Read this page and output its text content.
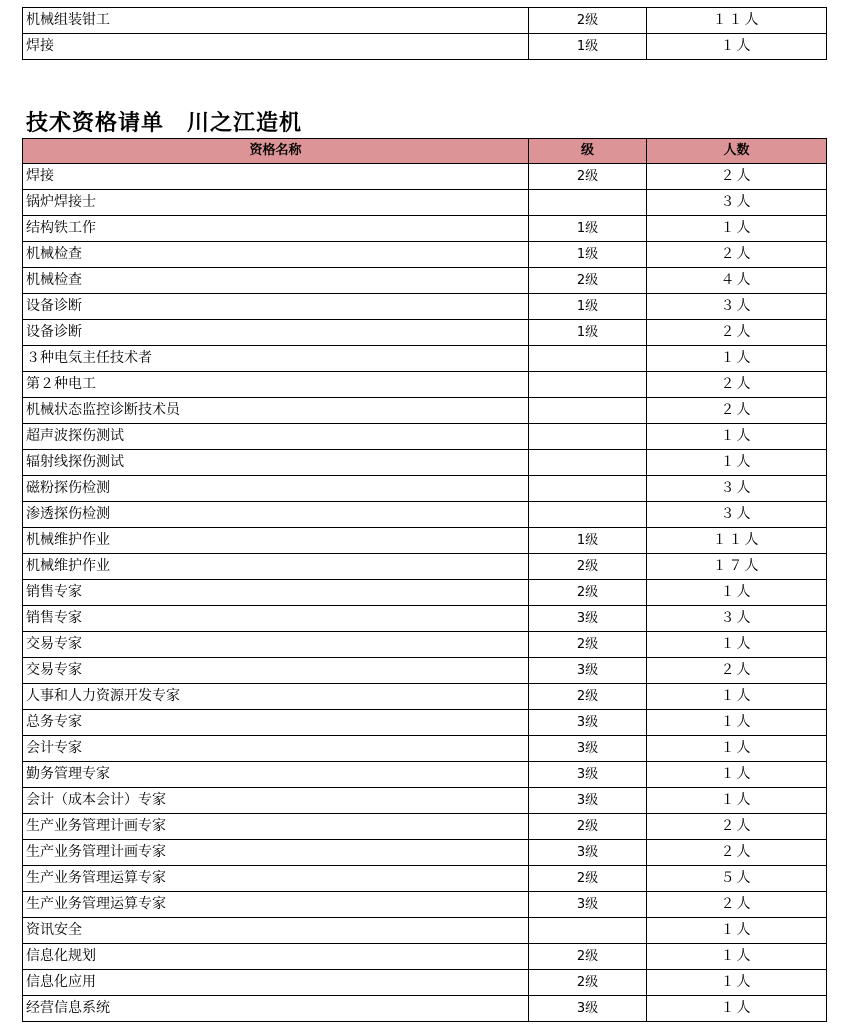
机械组装钳工	2级	１１人
焊接	1级	１人
技术资格请单　川之江造机
资格名称	级	人数
焊接	2级	２人
锅炉焊接士		３人
结构铁工作	1级	１人
机械检查	1级	２人
机械检查	2级	４人
设备诊断	1级	３人
设备诊断	1级	２人
３种电気主任技术者		１人
第２种电工		２人
机械状态监控诊断技术员		２人
超声波探伤测试		１人
辐射线探伤测试		１人
磁粉探伤检测		３人
渗透探伤检测		３人
机械维护作业	1级	１１人
机械维护作业	2级	１７人
销售专家	2级	１人
销售专家	3级	３人
交易专家	2级	１人
交易专家	3级	２人
人事和人力资源开发专家	2级	１人
总务专家	3级	１人
会计专家	3级	１人
勤务管理专家	3级	１人
会计（成本会计）专家	3级	１人
生产业务管理计画专家	2级	２人
生产业务管理计画专家	3级	２人
生产业务管理运算专家	2级	５人
生产业务管理运算专家	3级	２人
资讯安全		１人
信息化规划	2级	１人
信息化应用	2级	１人
经营信息系统	3级	１人
